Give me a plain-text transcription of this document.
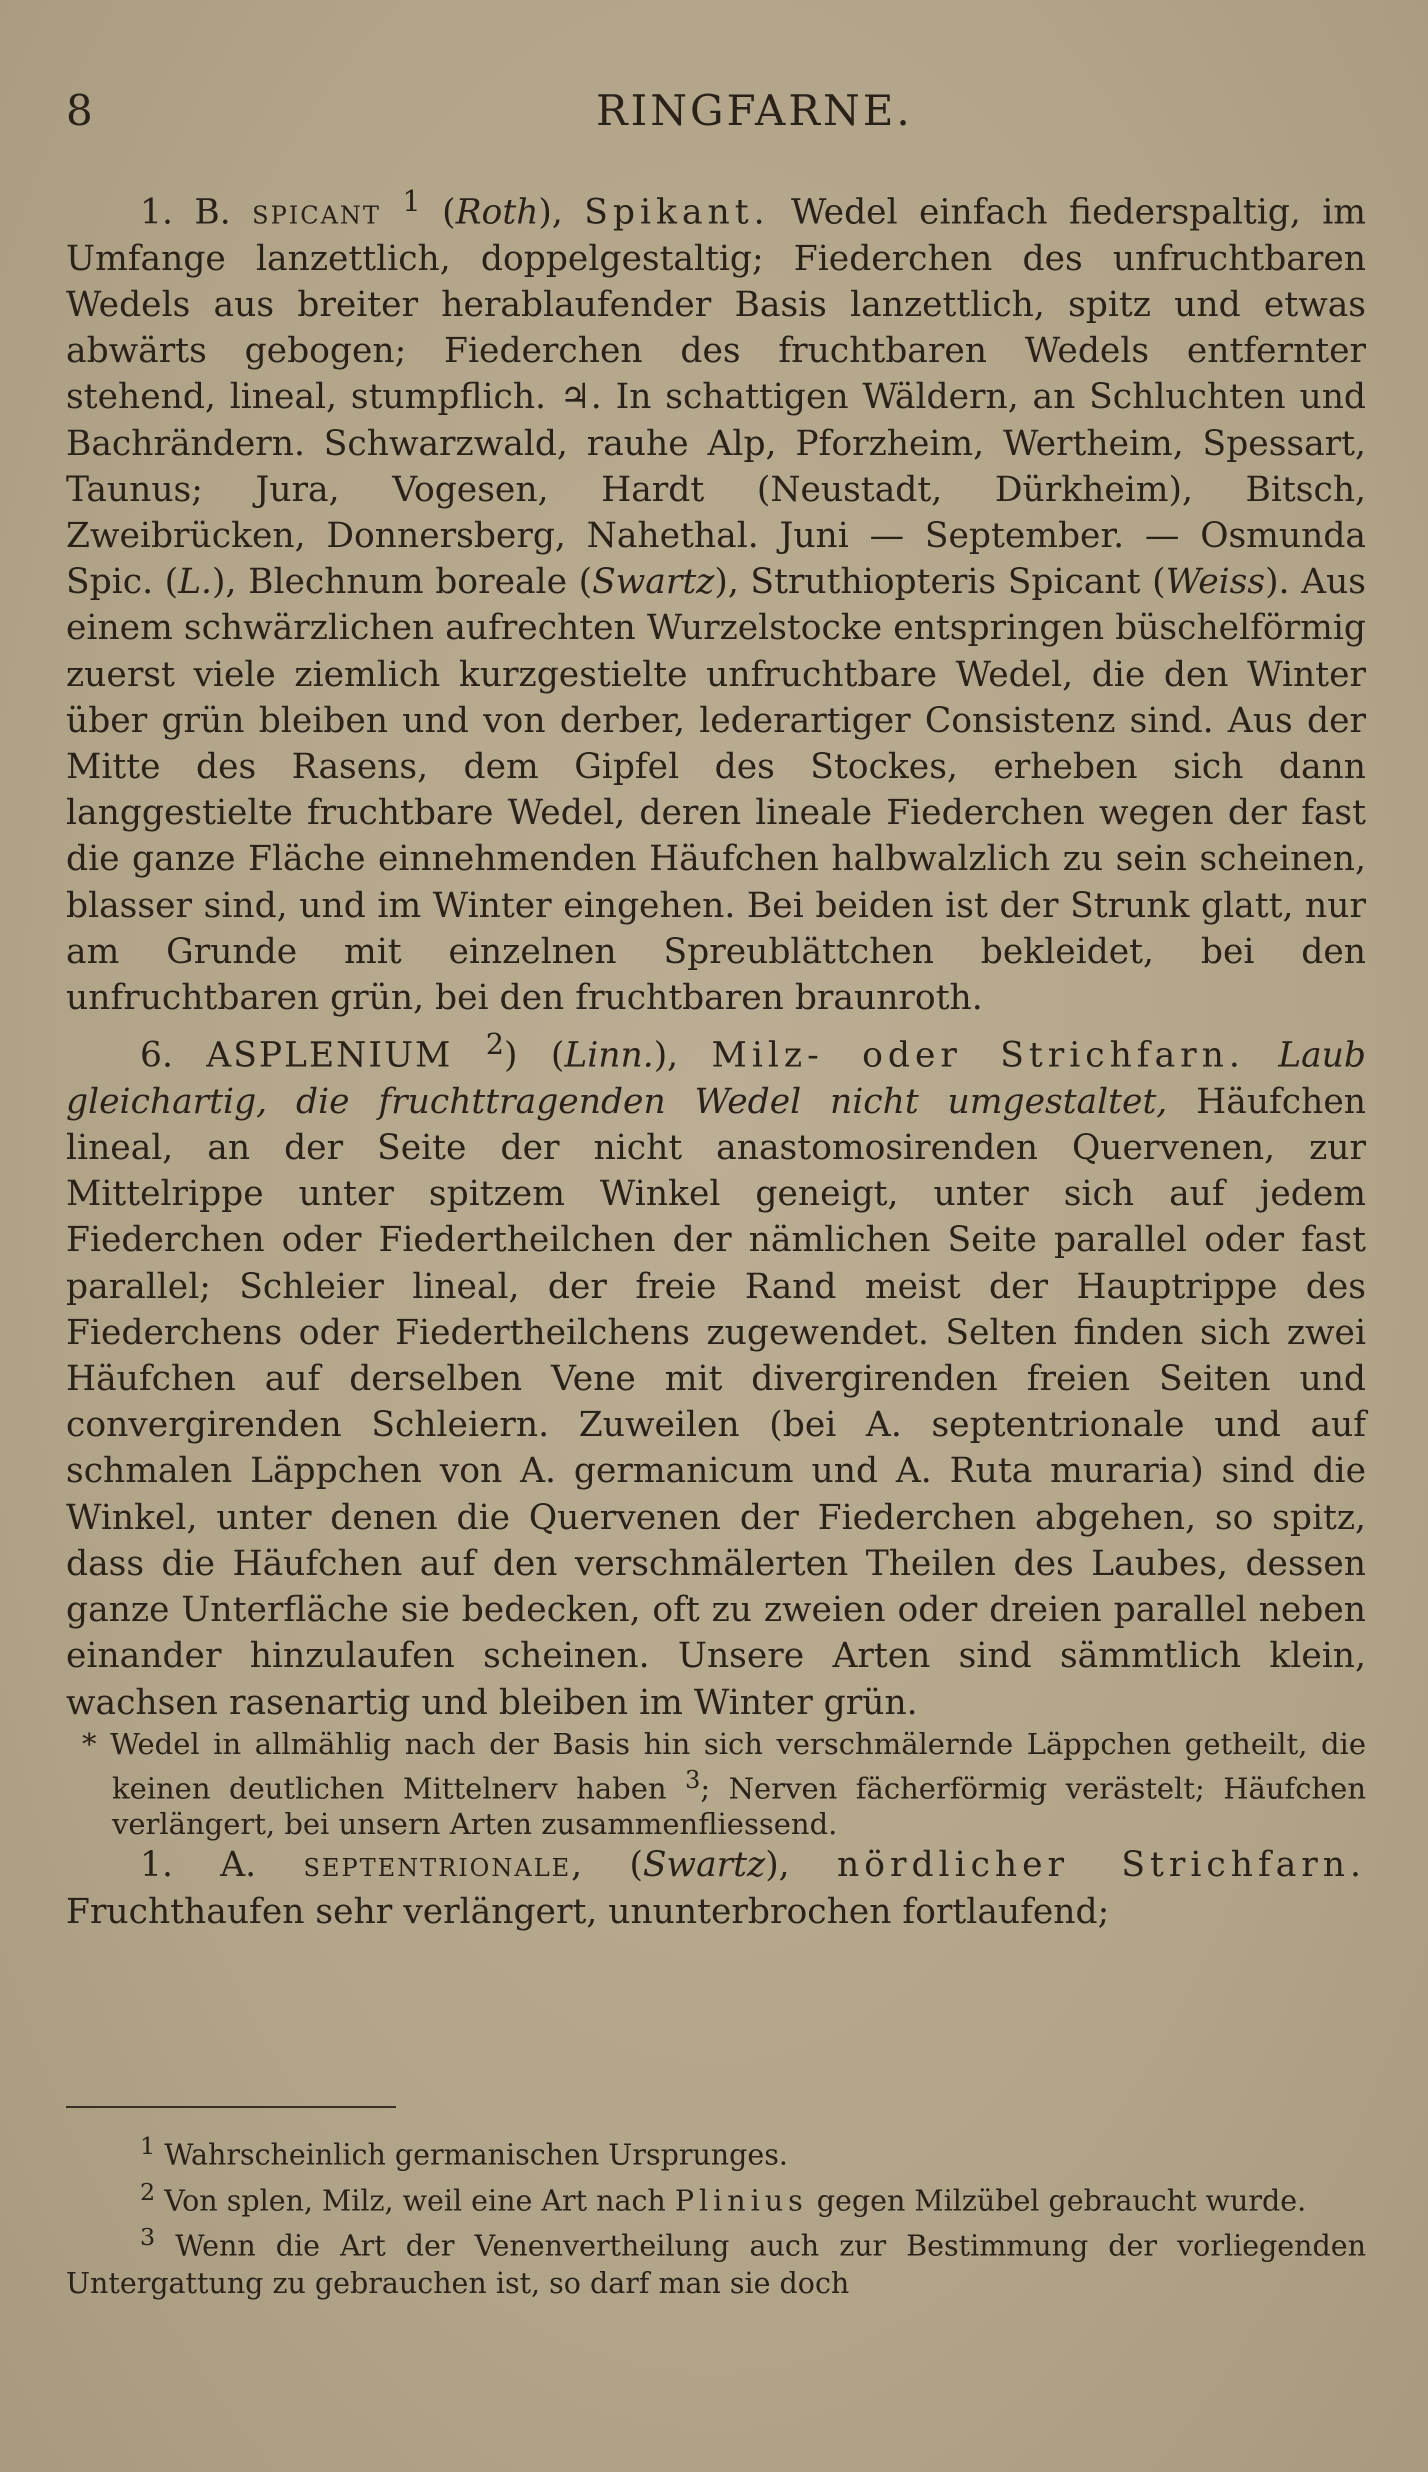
8	RINGFARNE.

1. B. spicant $^1$ (Roth), Spikant. Wedel einfach fiederspaltig, im Umfange lanzettlich, doppelgestaltig; Fiederchen des unfruchtbaren Wedels aus breiter herablaufender Basis lanzettlich, spitz und etwas abwärts gebogen; Fiederchen des fruchtbaren Wedels entfernter stehend, lineal, stumpflich. ♃. In schattigen Wäldern, an Schluchten und Bachrändern. Schwarzwald, rauhe Alp, Pforzheim, Wertheim, Spessart, Taunus; Jura, Vogesen, Hardt (Neustadt, Dürkheim), Bitsch, Zweibrücken, Donnersberg, Nahethal. Juni — September. — Osmunda Spic. (L.), Blechnum boreale (Swartz), Struthiopteris Spicant (Weiss). Aus einem schwärzlichen aufrechten Wurzelstocke entspringen büschelförmig zuerst viele ziemlich kurzgestielte unfruchtbare Wedel, die den Winter über grün bleiben und von derber, lederartiger Consistenz sind. Aus der Mitte des Rasens, dem Gipfel des Stockes, erheben sich dann langgestielte fruchtbare Wedel, deren lineale Fiederchen wegen der fast die ganze Fläche einnehmenden Häufchen halbwalzlich zu sein scheinen, blasser sind, und im Winter eingehen. Bei beiden ist der Strunk glatt, nur am Grunde mit einzelnen Spreublättchen bekleidet, bei den unfruchtbaren grün, bei den fruchtbaren braunroth.

6. ASPLENIUM $^2$) (Linn.), Milz- oder Strichfarn. Laub gleichartig, die fruchttragenden Wedel nicht umgestaltet, Häufchen lineal, an der Seite der nicht anastomosirenden Quervenen, zur Mittelrippe unter spitzem Winkel geneigt, unter sich auf jedem Fiederchen oder Fiedertheilchen der nämlichen Seite parallel oder fast parallel; Schleier lineal, der freie Rand meist der Hauptrippe des Fiederchens oder Fiedertheilchens zugewendet. Selten finden sich zwei Häufchen auf derselben Vene mit divergirenden freien Seiten und convergirenden Schleiern. Zuweilen (bei A. septentrionale und auf schmalen Läppchen von A. germanicum und A. Ruta muraria) sind die Winkel, unter denen die Quervenen der Fiederchen abgehen, so spitz, dass die Häufchen auf den verschmälerten Theilen des Laubes, dessen ganze Unterfläche sie bedecken, oft zu zweien oder dreien parallel neben einander hinzulaufen scheinen. Unsere Arten sind sämmtlich klein, wachsen rasenartig und bleiben im Winter grün.

* Wedel in allmählig nach der Basis hin sich verschmälernde Läppchen getheilt, die keinen deutlichen Mittelnerv haben $^3$; Nerven fächerförmig verästelt; Häufchen verlängert, bei unsern Arten zusammenfliessend.

1. A. septentrionale, (Swartz), nördlicher Strichfarn. Fruchthaufen sehr verlängert, ununterbrochen fortlaufend;

$^1$ Wahrscheinlich germanischen Ursprunges.

$^2$ Von splen, Milz, weil eine Art nach Plinius gegen Milzübel gebraucht wurde.

$^3$ Wenn die Art der Venenvertheilung auch zur Bestimmung der vorliegenden Untergattung zu gebrauchen ist, so darf man sie doch
